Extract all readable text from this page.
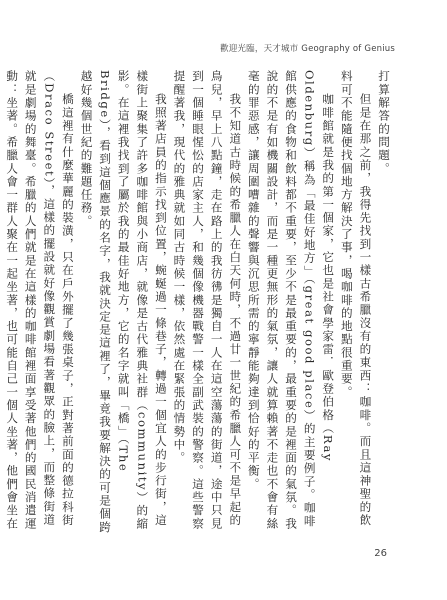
歡迎光臨，天才城市 Geography of Genius

打算解答的問題。

但是在那之前，我得先找到一樣古希臘沒有的東西：咖啡。而且這神聖的飲料可不能隨便找個地方解決了事，喝咖啡的地點很重要。

咖啡館就是我的第一個家，它也是社會學家雷．歐登伯格（Ray Oldenburg）稱為「最佳好地方」（great good place）的主要例子。咖啡館供應的食物和飲料都不重要，至少不是最重要的，最重要的是裡面的氣氛。我說的不是有如機關設計，而是一種更無形的氣氛，讓人就算賴著不走也不會有絲毫的罪惡感，讓周圍嘈雜的聲響與沉思所需的寧靜能夠達到恰好的平衡。

我不知道古時候的希臘人在白天何時，不過廿一世紀的希臘人可不是早起的鳥兒，早上八點鐘，走在路上的我彷彿是獨自一人在這空蕩蕩的街道，途中只見到一個睡眼惺忪的店家主人，和幾個像機器戰警一樣全副武裝的警察。這些警察提醒著我，現代的雅典就如同古時候一樣，依然處在緊張的情勢中。

我照著店員的指示找到位置，蜿蜒過一條巷子，轉過一個宜人的步行街，這樣街上聚集了許多咖啡館與小商店，就像是古代雅典社群（community）的縮影。在這裡我找到了屬於我的最佳好地方，它的名字就叫「橋」（The Bridge），看到這個應景的名字，我就決定是這裡了，畢竟我要解決的可是個跨越好幾個世紀的難題任務。

橋這裡有什麼華麗的裝潢，只在戶外擺了幾張桌子，正對著前面的德拉科街（Draco Street），這樣的擺設就好像觀賞劇場看著觀眾的臉上，而整條街道就是劇場的舞臺。希臘的人們就是在這樣的咖啡館裡面享受著他們的國民消遣運動：坐著。希臘人會一群人聚在一起坐著，也可能自己一個人坐著，他們會坐在

26
